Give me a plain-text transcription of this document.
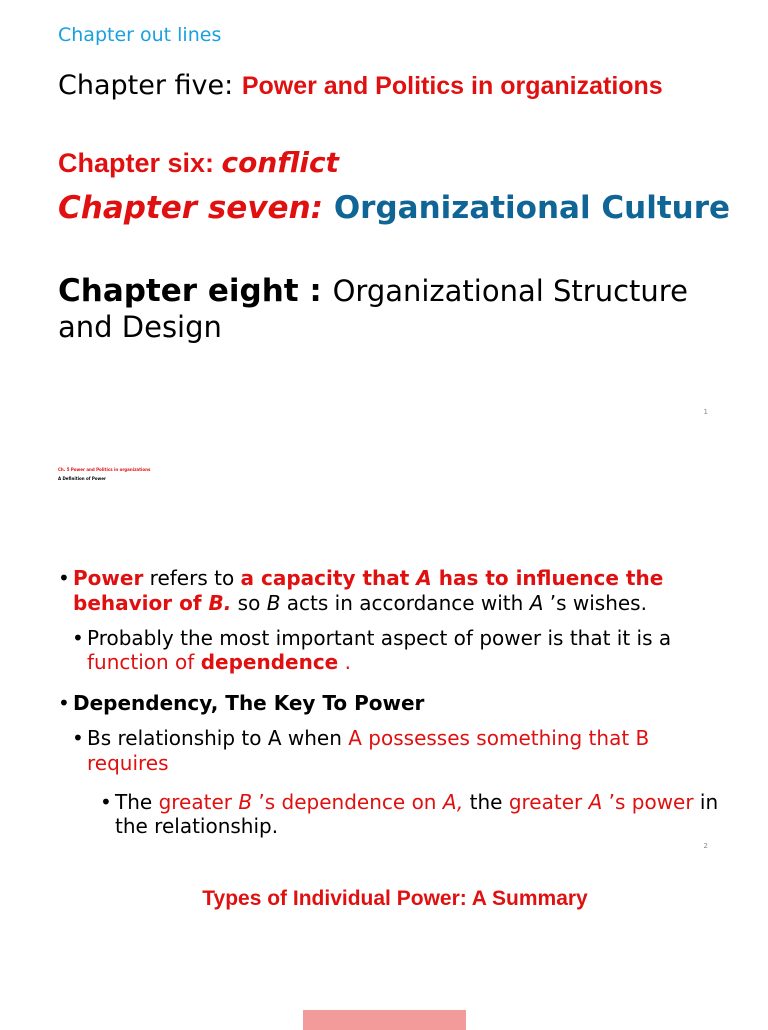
Chapter out lines
Chapter five: Power and Politics in organizations
Chapter six: conflict
Chapter seven: Organizational Culture
Chapter eight : Organizational Structure and Design
1
Ch. 5 Power and Politics in organizations
A Definition of Power
• Power refers to a capacity that A has to influence the behavior of B. so B acts in accordance with A ’s wishes.
• Probably the most important aspect of power is that it is a function of dependence .
• Dependency, The Key To Power
• Bs relationship to A when A possesses something that B requires
• The greater B ’s dependence on A, the greater A ’s power in the relationship.
2
Types of Individual Power: A Summary
